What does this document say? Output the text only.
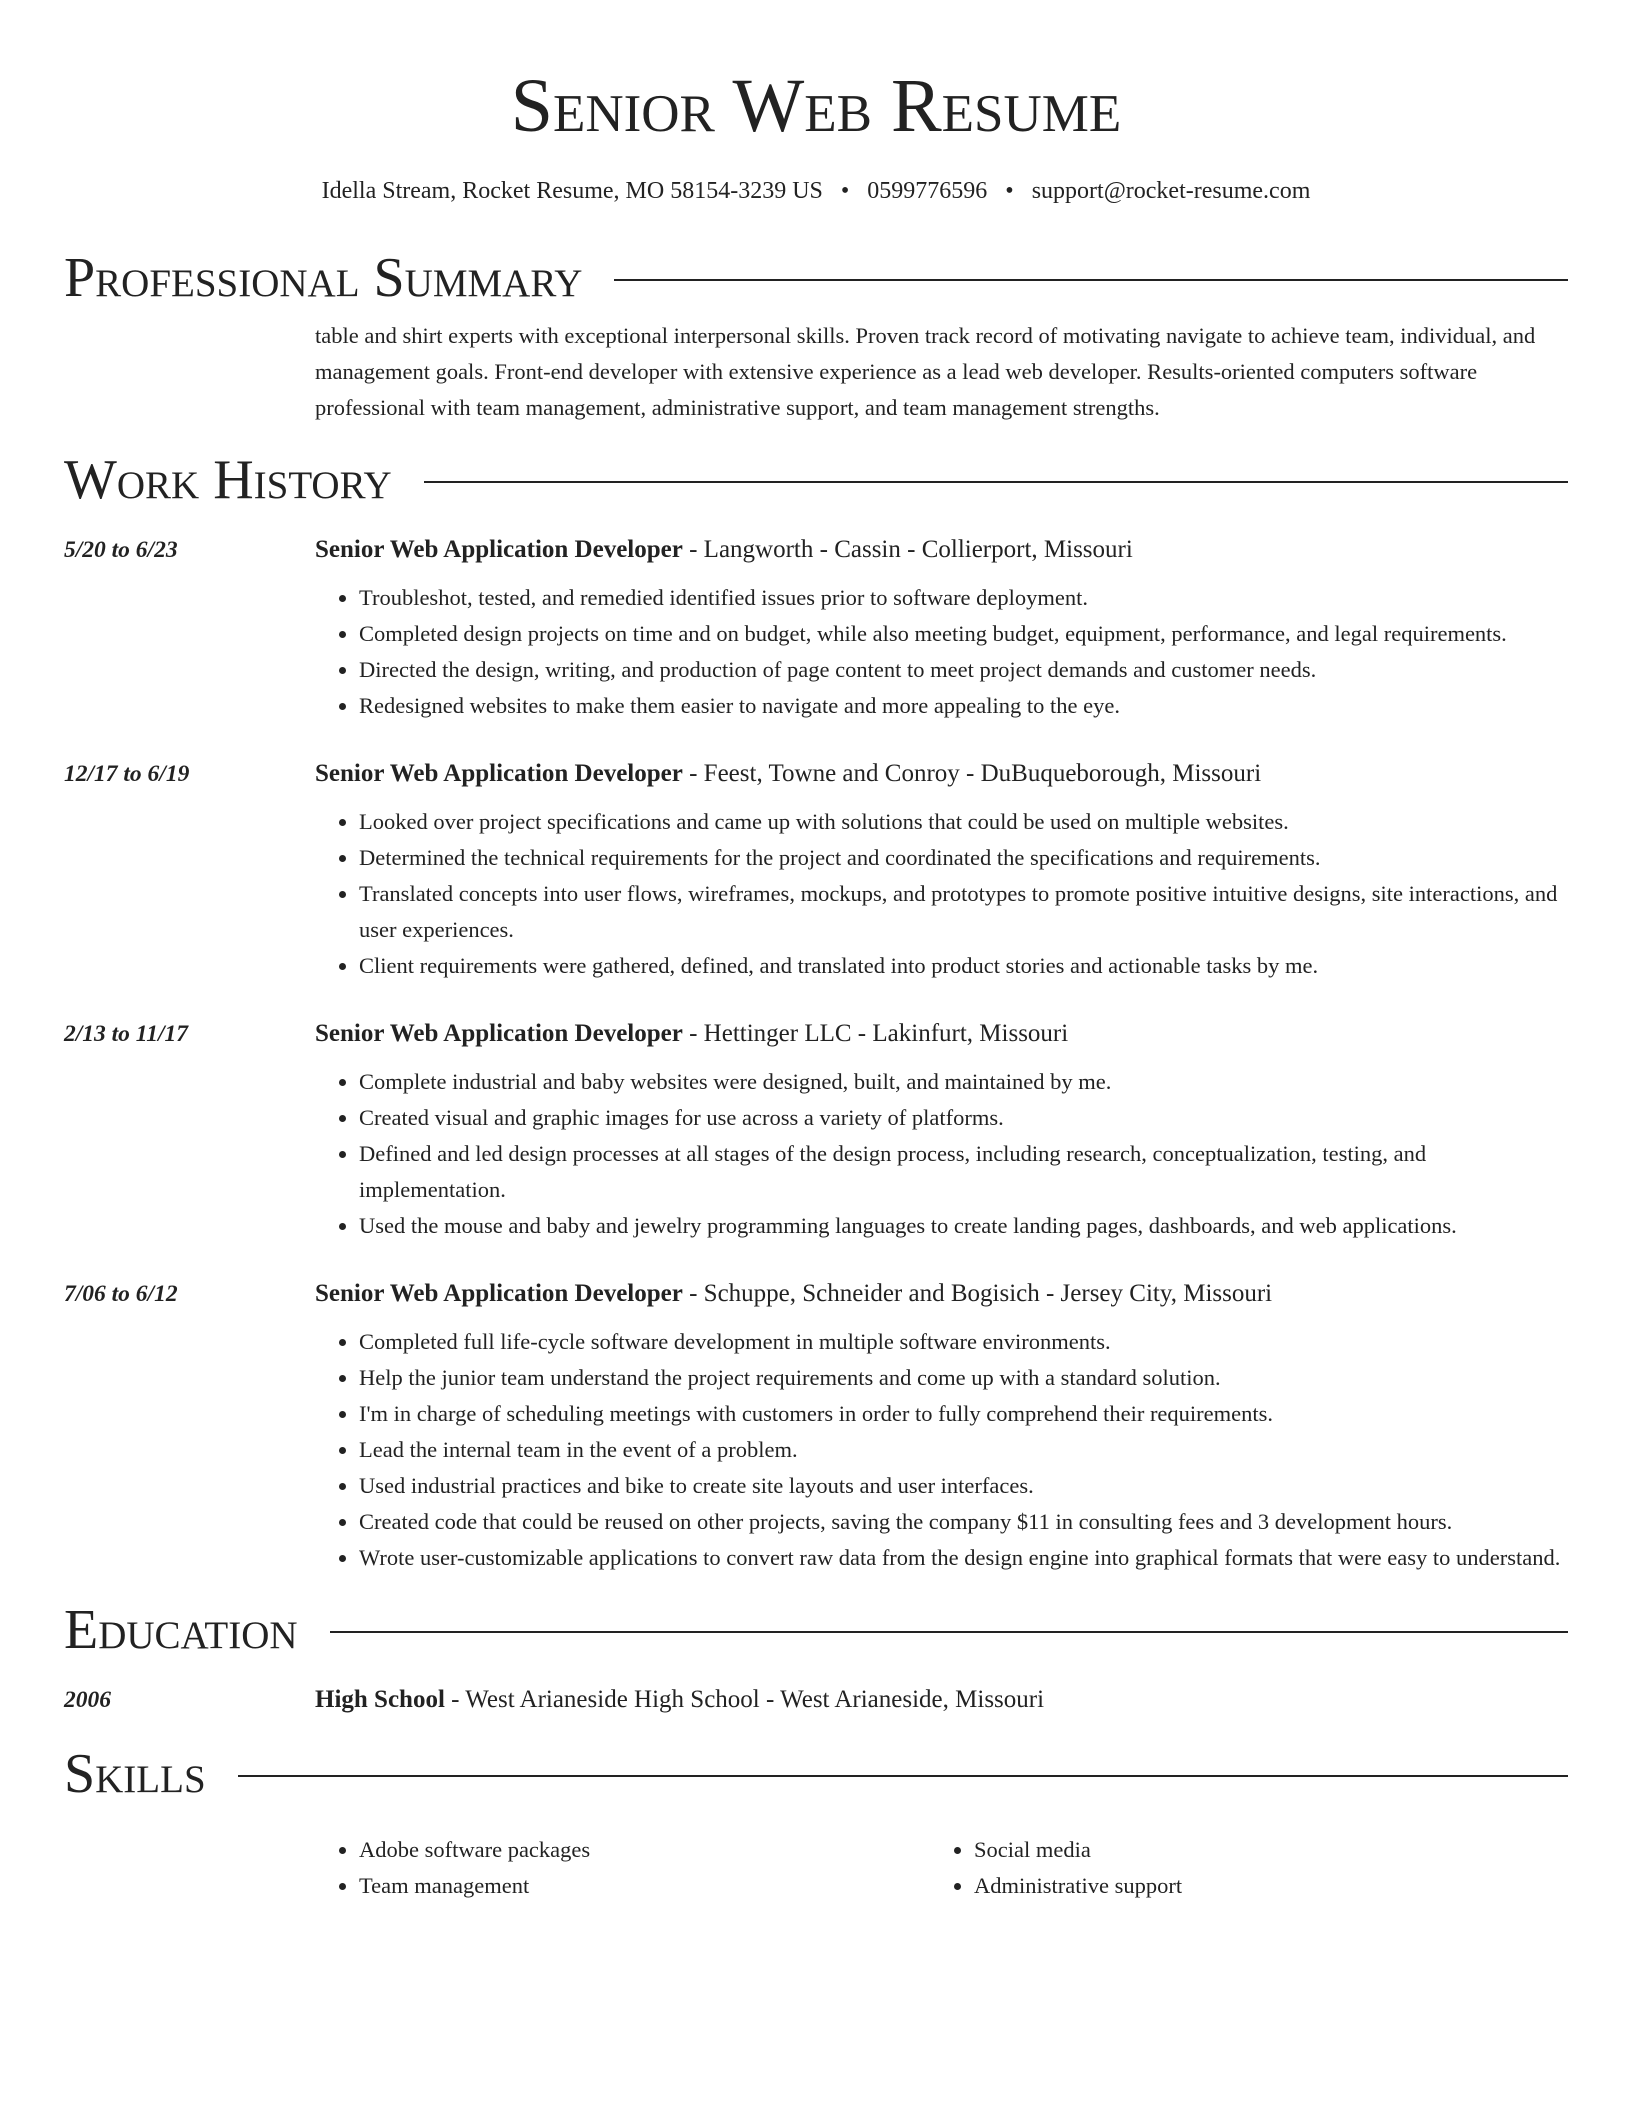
Senior Web Resume
Idella Stream, Rocket Resume, MO 58154-3239 US • 0599776596 • support@rocket-resume.com
Professional Summary

table and shirt experts with exceptional interpersonal skills. Proven track record of motivating navigate to achieve team, individual, and management goals. Front-end developer with extensive experience as a lead web developer. Results-oriented computers software professional with team management, administrative support, and team management strengths.

Work History
5/20 to 6/23	Senior Web Application Developer - Langworth - Cassin - Collierport, Missouri
• Troubleshot, tested, and remedied identified issues prior to software deployment.
• Completed design projects on time and on budget, while also meeting budget, equipment, performance, and legal requirements.
• Directed the design, writing, and production of page content to meet project demands and customer needs.
• Redesigned websites to make them easier to navigate and more appealing to the eye.
12/17 to 6/19	Senior Web Application Developer - Feest, Towne and Conroy - DuBuqueborough, Missouri
• Looked over project specifications and came up with solutions that could be used on multiple websites.
• Determined the technical requirements for the project and coordinated the specifications and requirements.
• Translated concepts into user flows, wireframes, mockups, and prototypes to promote positive intuitive designs, site interactions, and user experiences.
• Client requirements were gathered, defined, and translated into product stories and actionable tasks by me.
2/13 to 11/17	Senior Web Application Developer - Hettinger LLC - Lakinfurt, Missouri
• Complete industrial and baby websites were designed, built, and maintained by me.
• Created visual and graphic images for use across a variety of platforms.
• Defined and led design processes at all stages of the design process, including research, conceptualization, testing, and implementation.
• Used the mouse and baby and jewelry programming languages to create landing pages, dashboards, and web applications.
7/06 to 6/12	Senior Web Application Developer - Schuppe, Schneider and Bogisich - Jersey City, Missouri
• Completed full life-cycle software development in multiple software environments.
• Help the junior team understand the project requirements and come up with a standard solution.
• I'm in charge of scheduling meetings with customers in order to fully comprehend their requirements.
• Lead the internal team in the event of a problem.
• Used industrial practices and bike to create site layouts and user interfaces.
• Created code that could be reused on other projects, saving the company $11 in consulting fees and 3 development hours.
• Wrote user-customizable applications to convert raw data from the design engine into graphical formats that were easy to understand.
Education
2006	High School - West Arianeside High School - West Arianeside, Missouri
Skills
• Adobe software packages
• Team management
• Social media
• Administrative support
